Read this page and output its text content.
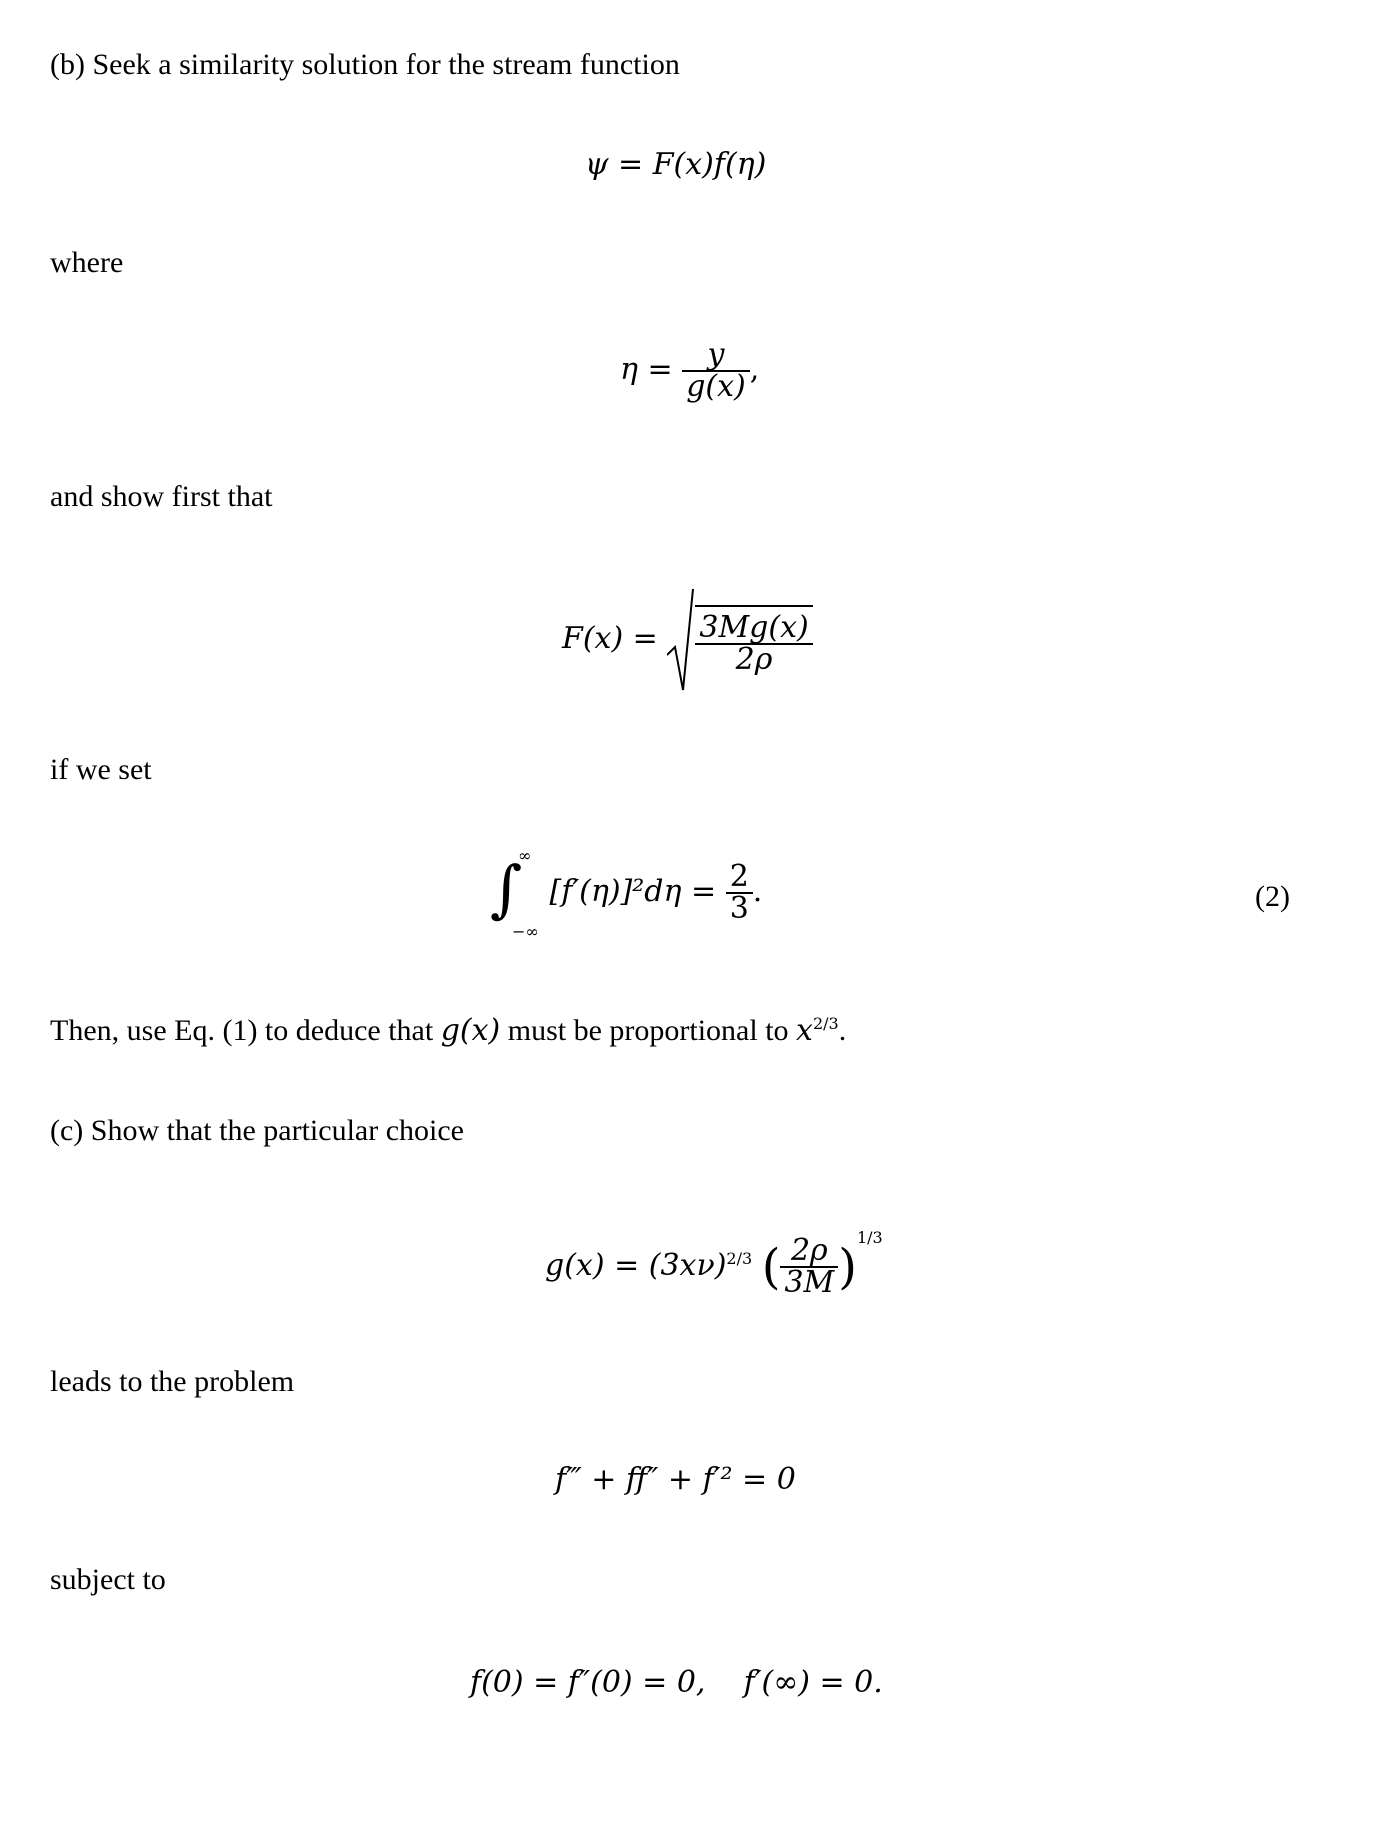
(b) Seek a similarity solution for the stream function
ψ = F(x)f(η)
where
$\eta = \frac{y}{g(x)}$ ,
and show first that
$F(x) = \frac{3Mg(x)}{2\rho}$
if we set
∫
∞
−∞
$[f'(\eta)]^2d\eta = \frac{2}{3}$ .	(2)
Then, use Eq. (1) to deduce that g(x) must be proportional to $x^{2/3}$.
(c) Show that the particular choice
$g(x) = (3x\nu)^{2/3}$ ( $\frac{2\rho}{3M} )^{1/3}$
leads to the problem
f‴ + ff″ + f′² = 0
subject to
f(0) = f″(0) = 0,    f′(∞) = 0.
